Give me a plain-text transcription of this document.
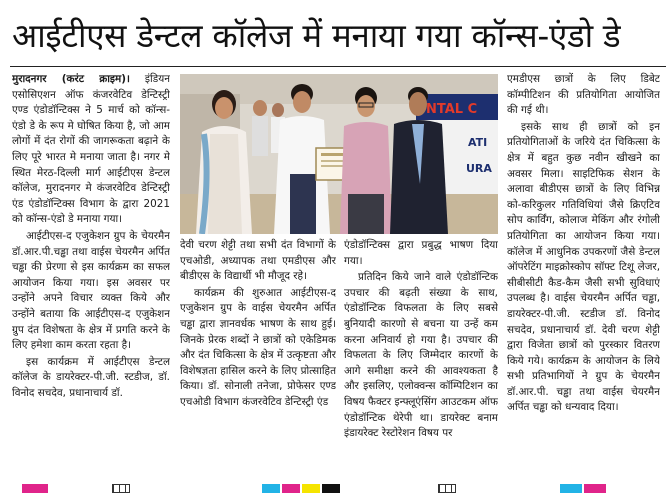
आईटीएस डेन्टल कॉलेज में मनाया गया कॉन्स-एंडो डे

मुरादनगर (करंट क्राइम)। इंडियन एसोसिएशन ऑफ कंजरवेटिव डेन्टिस्ट्री एण्ड एंडोडॉन्टिक्स ने 5 मार्च को कॉन्स-एंडो डे के रूप मे घोषित किया है, जो आम लोगों में दंत रोगों की जागरूकता बढ़ाने के लिए पूरे भारत मे मनाया जाता है। नगर मे स्थित मेरठ-दिल्ली मार्ग आईटीएस डेन्टल कॉलेज, मुरादनगर मे कंजरवेटिव डेन्टिस्ट्री एंड एंडोडॉन्टिक्स विभाग के द्वारा 2021 को कॉन्स-एंडो डे मनाया गया।

आईटीएस-द एजुकेशन ग्रुप के चेयरमैन डॉ.आर.पी.चड्ढा तथा वाईस चेयरमैन अर्पित चड्ढा की प्रेरणा से इस कार्यक्रम का सफल आयोजन किया गया। इस अवसर पर उन्होंने अपने विचार व्यक्त किये और उन्होंने बताया कि आईटीएस-द एजुकेशन ग्रुप दंत विशेषता के क्षेत्र में प्रगति करने के लिए हमेशा काम करता रहता है।

इस कार्यक्रम में आईटीएस डेन्टल कॉलेज के डायरेक्टर-पी.जी. स्टडीज, डॉ. विनोद सचदेव, प्रधानाचार्य डॉ.

NTAL C
ATI
URA

देवी चरण शेट्टी तथा सभी दंत विभागों के एचओडी, अध्यापक तथा एमडीएस और बीडीएस के विद्यार्थी भी मौजूद रहे।

कार्यक्रम की शुरुआत आईटीएस-द एजुकेशन ग्रुप के वाईस चेयरमैन अर्पित चड्ढा द्वारा ज्ञानवर्धक भाषण के साथ हुई। जिनके प्रेरक शब्दों ने छात्रों को एकेडिमक और दंत चिकित्सा के क्षेत्र में उत्कृष्टता और विशेषज्ञता हासिल करने के लिए प्रोत्साहित किया। डॉ. सोनाली तनेजा, प्रोफेसर एण्ड एचओडी विभाग कंजरवेटिव डेन्टिस्ट्री एंड

एंडोडॉन्टिक्स द्वारा प्रबुद्ध भाषण दिया गया।

प्रतिदिन किये जाने वाले एंडोडॉन्टिक उपचार की बढ़ती संख्या के साथ, एंडोडॉन्टिक विफलता के लिए सबसे बुनियादी कारणो से बचना या उन्हें कम करना अनिवार्य हो गया है। उपचार की विफलता के लिए जिम्मेदार कारणों के आगे समीक्षा करने की आवश्यकता है और इसलिए, एलोक्वन्स कॉम्पिटिशन का विषय फैक्टर इन्फ्लूएंसिंग आउटकम ऑफ एंडोडॉन्टिक थेरेपी था। डायरेक्ट बनाम इंडायरेक्ट रेस्टोरेशन विषय पर

एमडीएस छात्रों के लिए डिबेट कॉम्पीटिशन की प्रतियोगिता आयोजित की गई थी।

इसके साथ ही छात्रों को इन प्रतियोगिताओं के जरिये दंत चिकित्सा के क्षेत्र में बहुत कुछ नवीन खीखने का अवसर मिला। साइटिफिक सेशन के अलावा बीडीएस छात्रों के लिए विभिन्न को-करिकुलर गतिविधियां जैसे क्रिएटिव सोप कार्विंग, कोलाज मेकिंग और रंगोली प्रतियोगिता का आयोजन किया गया। कॉलेज में आधुनिक उपकरणों जैसे डेन्टल ऑपरेटिंग माइक्रोस्कोप सॉफ्ट टिशू लेजर, सीबीसीटी कैड-कैम जैसी सभी सुविधाएं उपलब्ध है। वाईस चेयरमैन अर्पित चड्ढा, डायरेक्टर-पी.जी. स्टडीज डॉ. विनोद सचदेव, प्रधानाचार्य डॉ. देवी चरण शेट्टी द्वारा विजेता छात्रों को पुरस्कार वितरण किये गये। कार्यक्रम के आयोजन के लिये सभी प्रतिभागियों ने ग्रुप के चेयरमैन डॉ.आर.पी. चड्ढा तथा वाईस चेयरमैन अर्पित चड्ढा को धन्यवाद दिया।
